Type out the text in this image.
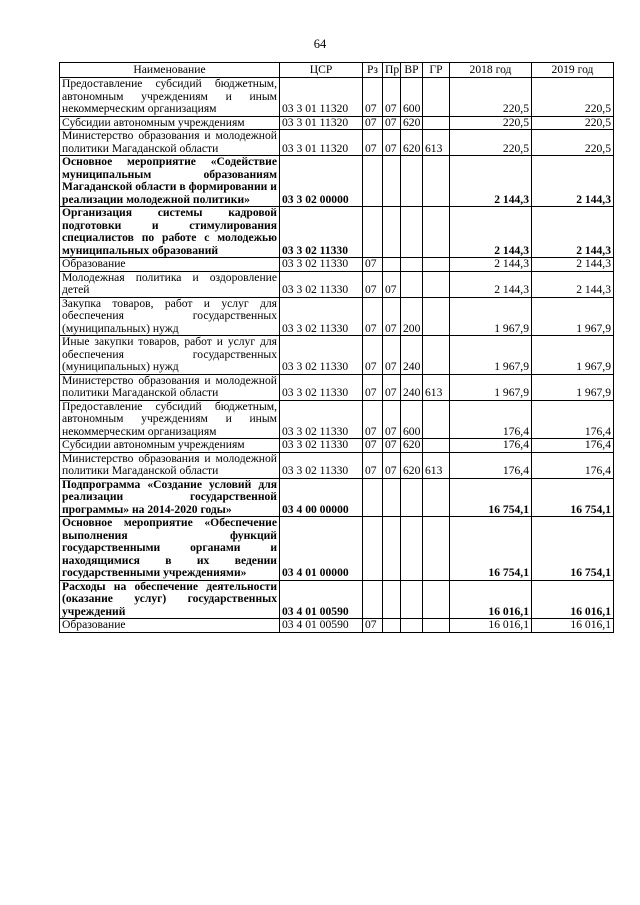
64
Наименование	ЦСР	Рз	Пр	ВР	ГР	2018 год	2019 год
Предоставление субсидий бюджетным, автономным учреждениям и иным некоммерческим организациям	03 3 01 11320	07	07	600		220,5	220,5
Субсидии автономным учреждениям	03 3 01 11320	07	07	620		220,5	220,5
Министерство образования и молодежной политики Магаданской области	03 3 01 11320	07	07	620	613	220,5	220,5
Основное мероприятие «Содействие муниципальным образованиям Магаданской области в формировании и реализации молодежной политики»	03 3 02 00000					2 144,3	2 144,3
Организация системы кадровой подготовки и стимулирования специалистов по работе с молодежью муниципальных образований	03 3 02 11330					2 144,3	2 144,3
Образование	03 3 02 11330	07				2 144,3	2 144,3
Молодежная политика и оздоровление детей	03 3 02 11330	07	07			2 144,3	2 144,3
Закупка товаров, работ и услуг для обеспечения государственных (муниципальных) нужд	03 3 02 11330	07	07	200		1 967,9	1 967,9
Иные закупки товаров, работ и услуг для обеспечения государственных (муниципальных) нужд	03 3 02 11330	07	07	240		1 967,9	1 967,9
Министерство образования и молодежной политики Магаданской области	03 3 02 11330	07	07	240	613	1 967,9	1 967,9
Предоставление субсидий бюджетным, автономным учреждениям и иным некоммерческим организациям	03 3 02 11330	07	07	600		176,4	176,4
Субсидии автономным учреждениям	03 3 02 11330	07	07	620		176,4	176,4
Министерство образования и молодежной политики Магаданской области	03 3 02 11330	07	07	620	613	176,4	176,4
Подпрограмма «Создание условий для реализации государственной программы» на 2014-2020 годы»	03 4 00 00000					16 754,1	16 754,1
Основное мероприятие «Обеспечение выполнения функций государственными органами и находящимися в их ведении государственными учреждениями»	03 4 01 00000					16 754,1	16 754,1
Расходы на обеспечение деятельности (оказание услуг) государственных учреждений	03 4 01 00590					16 016,1	16 016,1
Образование	03 4 01 00590	07				16 016,1	16 016,1
